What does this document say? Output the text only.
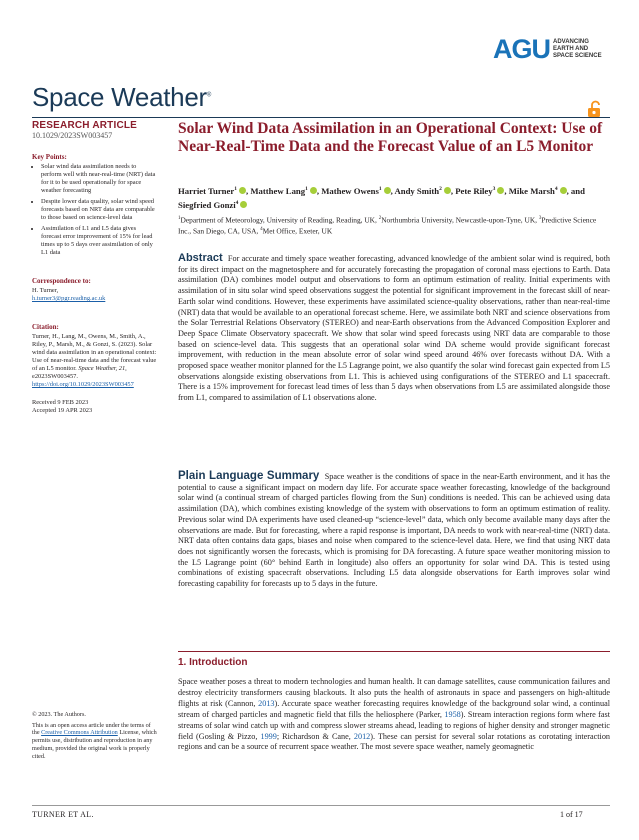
AGU ADVANCING
EARTH AND
SPACE SCIENCE
Space Weather®
RESEARCH ARTICLE
10.1029/2023SW003457
Key Points:
• Solar wind data assimilation needs to perform well with near-real-time (NRT) data for it to be used operationally for space weather forecasting
• Despite lower data quality, solar wind speed forecasts based on NRT data are comparable to those based on science-level data
• Assimilation of L1 and L5 data gives forecast error improvement of 15% for lead times up to 5 days over assimilation of only L1 data
Correspondence to:

H. Turner,

h.turner3@pgr.reading.ac.uk

Citation:

Turner, H., Lang, M., Owens, M., Smith, A., Riley, P., Marsh, M., & Gonzi, S. (2023). Solar wind data assimilation in an operational context: Use of near-real-time data and the forecast value of an L5 monitor. Space Weather, 21, e2023SW003457. https://doi.org/10.1029/2023SW003457

Received 9 FEB 2023

Accepted 19 APR 2023

© 2023. The Authors.

This is an open access article under the terms of the Creative Commons Attribution License, which permits use, distribution and reproduction in any medium, provided the original work is properly cited.

Solar Wind Data Assimilation in an Operational Context: Use of Near-Real-Time Data and the Forecast Value of an L5 Monitor
Harriet Turner$^1$ , Matthew Lang$^1$ , Mathew Owens$^1$ , Andy Smith$^2$ , Pete Riley$^3$ , Mike Marsh$^4$ , and Siegfried Gonzi$^4$
$^1$Department of Meteorology, University of Reading, Reading, UK, $^2$Northumbria University, Newcastle-upon-Tyne, UK, $^3$Predictive Science Inc., San Diego, CA, USA, $^4$Met Office, Exeter, UK
Abstract For accurate and timely space weather forecasting, advanced knowledge of the ambient solar wind is required, both for its direct impact on the magnetosphere and for accurately forecasting the propagation of coronal mass ejections to Earth. Data assimilation (DA) combines model output and observations to form an optimum estimation of reality. Initial experiments with assimilation of in situ solar wind speed observations suggest the potential for significant improvement in the forecast skill of near-Earth solar wind conditions. However, these experiments have assimilated science-quality observations, rather than near-real-time (NRT) data that would be available to an operational forecast scheme. Here, we assimilate both NRT and science observations from the Solar Terrestrial Relations Observatory (STEREO) and near-Earth observations from the Advanced Composition Explorer and Deep Space Climate Observatory spacecraft. We show that solar wind speed forecasts using NRT data are comparable to those based on science-level data. This suggests that an operational solar wind DA scheme would provide significant forecast improvement, with reduction in the mean absolute error of solar wind speed around 46% over forecasts without DA. With a proposed space weather monitor planned for the L5 Lagrange point, we also quantify the solar wind forecast gain expected from L5 observations alongside existing observations from L1. This is achieved using configurations of the STEREO and L1 spacecraft. There is a 15% improvement for forecast lead times of less than 5 days when observations from L5 are assimilated alongside those from L1, compared to assimilation of L1 observations alone.
Plain Language Summary Space weather is the conditions of space in the near-Earth environment, and it has the potential to cause a significant impact on modern day life. For accurate space weather forecasting, knowledge of the background solar wind (a continual stream of charged particles flowing from the Sun) conditions is needed. This can be achieved using data assimilation (DA), which combines existing knowledge of the system with observations to form an optimum estimation of reality. Previous solar wind DA experiments have used cleaned-up “science-level” data, which only become available many days after the observations are made. But for forecasting, where a rapid response is important, DA needs to work with near-real-time (NRT) data. NRT data often contains data gaps, biases and noise when compared to the science-level data. Here, we find that using NRT data does not significantly worsen the forecasts, which is promising for DA forecasting. A future space weather monitoring mission to the L5 Lagrange point (60° behind Earth in longitude) also offers an opportunity for solar wind DA. This is tested using combinations of existing spacecraft observations. Including L5 data alongside observations for Earth improves solar wind forecasting capability for forecasts up to 5 days in the future.
1. Introduction
Space weather poses a threat to modern technologies and human health. It can damage satellites, cause communication failures and destroy electricity transformers causing blackouts. It also puts the health of astronauts in space and passengers on high-altitude flights at risk (Cannon, 2013). Accurate space weather forecasting requires knowledge of the background solar wind, a continual stream of charged particles and magnetic field that fills the heliosphere (Parker, 1958). Stream interaction regions form where fast streams of solar wind catch up with and compress slower streams ahead, leading to regions of higher density and stronger magnetic field (Gosling & Pizzo, 1999; Richardson & Cane, 2012). These can persist for several solar rotations as corotating interaction regions and can be a source of recurrent space weather. The most severe space weather, namely geomagnetic
TURNER ET AL.	1 of 17
